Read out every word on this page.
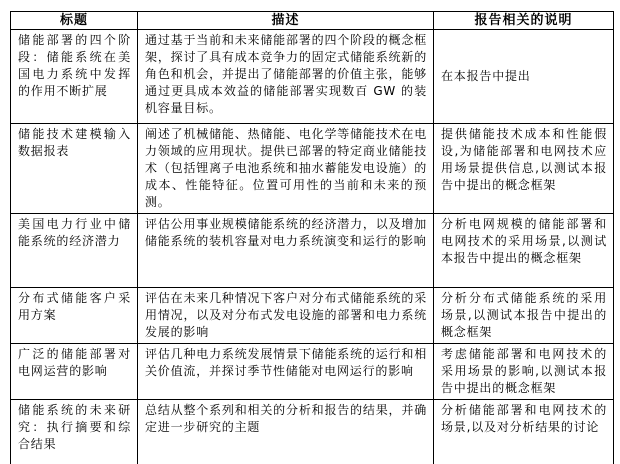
标题	描述	报告相关的说明
储能部署的四个阶段：储能系统在美国电力系统中发挥的作用不断扩展	通过基于当前和未来储能部署的四个阶段的概念框架，探讨了具有成本竞争力的固定式储能系统新的角色和机会，并提出了储能部署的价值主张，能够通过更具成本效益的储能部署实现数百 GW 的装机容量目标。	在本报告中提出
储能技术建模输入数据报表	阐述了机械储能、热储能、电化学等储能技术在电力领域的应用现状。提供已部署的特定商业储能技术（包括锂离子电池系统和抽水蓄能发电设施）的成本、性能特征。位置可用性的当前和未来的预测。	提供储能技术成本和性能假设,为储能部署和电网技术应用场景提供信息,以测试本报告中提出的概念框架
美国电力行业中储能系统的经济潜力	评估公用事业规模储能系统的经济潜力，以及增加储能系统的装机容量对电力系统演变和运行的影响	分析电网规模的储能部署和电网技术的采用场景,以测试本报告中提出的概念框架
分布式储能客户采用方案	评估在未来几种情况下客户对分布式储能系统的采用情况，以及对分布式发电设施的部署和电力系统发展的影响	分析分布式储能系统的采用场景,以测试本报告中提出的概念框架
广泛的储能部署对电网运营的影响	评估几种电力系统发展情景下储能系统的运行和相关价值流，并探讨季节性储能对电网运行的影响	考虑储能部署和电网技术的采用场景的影响,以测试本报告中提出的概念框架
储能系统的未来研究：执行摘要和综合结果	总结从整个系列和相关的分析和报告的结果，并确定进一步研究的主题	分析储能部署和电网技术的场景,以及对分析结果的讨论
